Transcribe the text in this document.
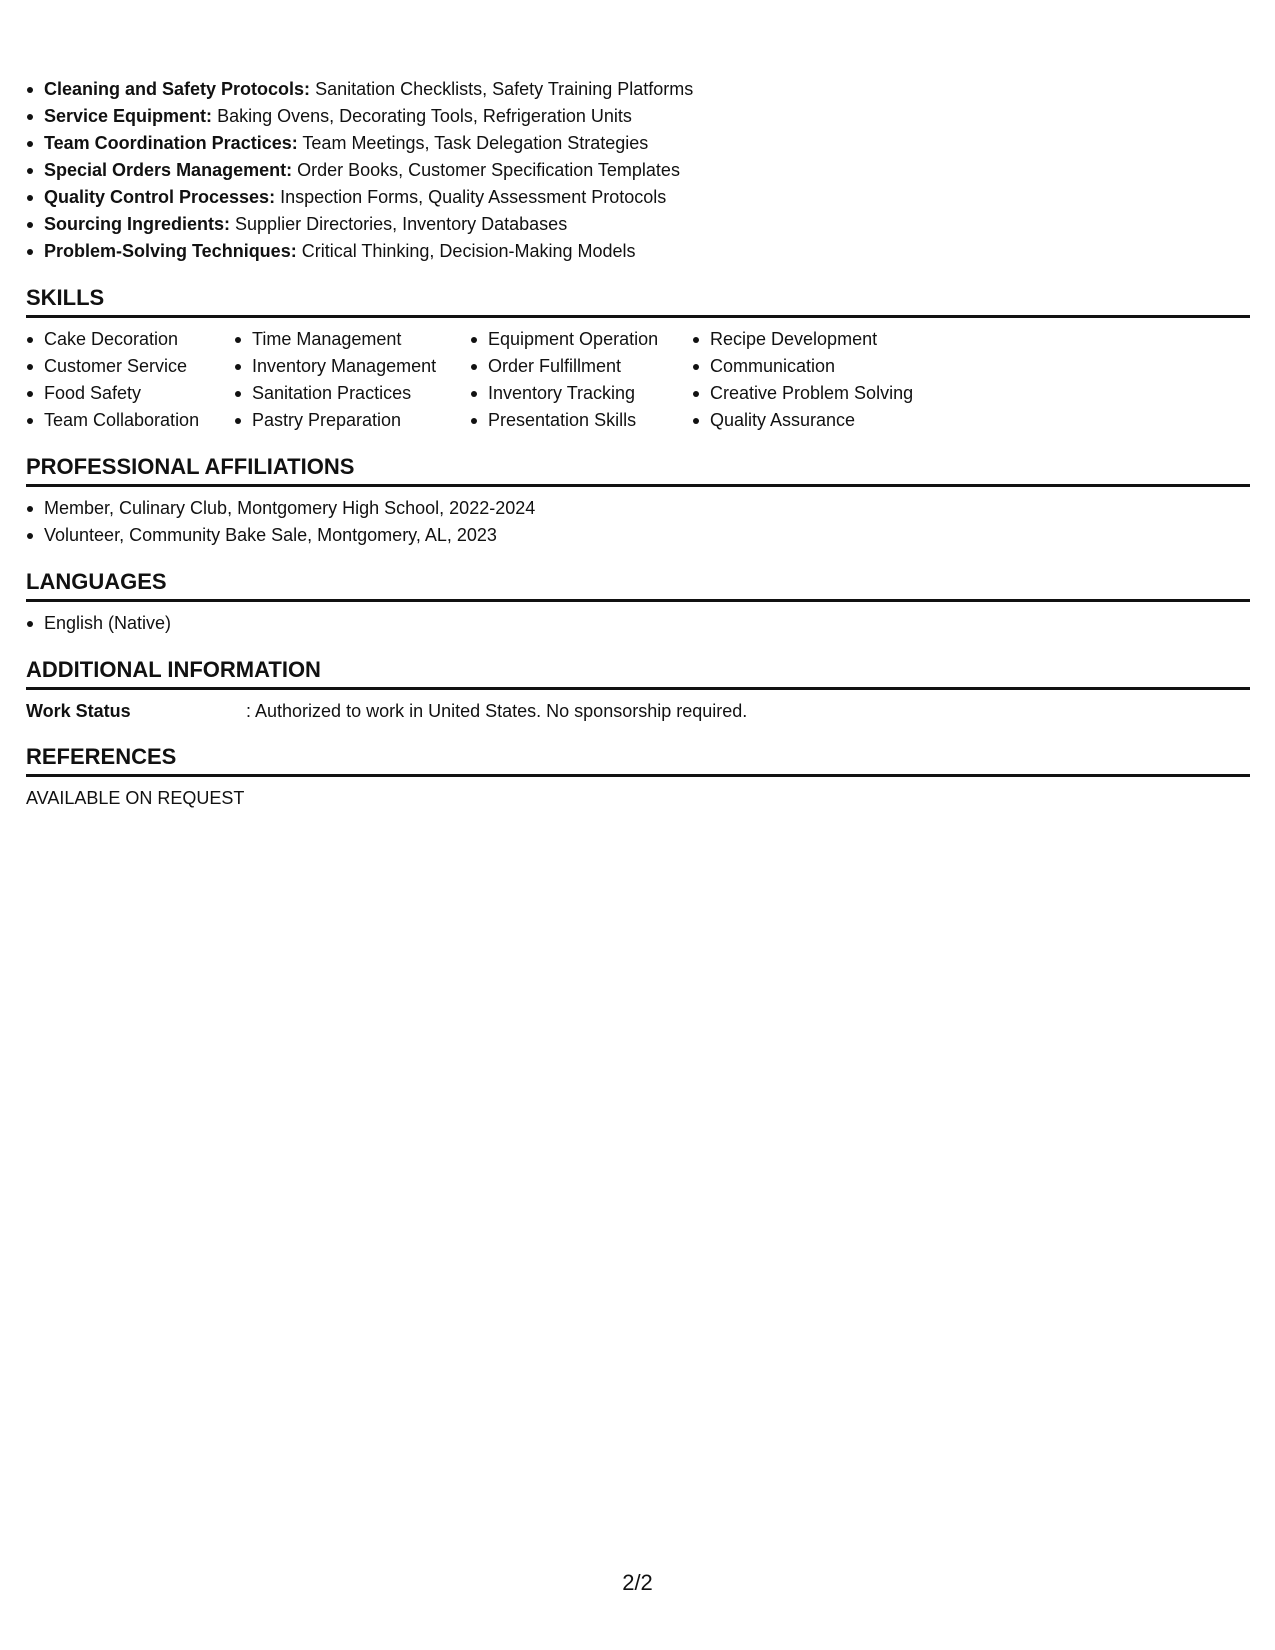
Cleaning and Safety Protocols: Sanitation Checklists, Safety Training Platforms
Service Equipment: Baking Ovens, Decorating Tools, Refrigeration Units
Team Coordination Practices: Team Meetings, Task Delegation Strategies
Special Orders Management: Order Books, Customer Specification Templates
Quality Control Processes: Inspection Forms, Quality Assessment Protocols
Sourcing Ingredients: Supplier Directories, Inventory Databases
Problem-Solving Techniques: Critical Thinking, Decision-Making Models
SKILLS
Cake Decoration
Customer Service
Food Safety
Team Collaboration
Time Management
Inventory Management
Sanitation Practices
Pastry Preparation
Equipment Operation
Order Fulfillment
Inventory Tracking
Presentation Skills
Recipe Development
Communication
Creative Problem Solving
Quality Assurance
PROFESSIONAL AFFILIATIONS
Member, Culinary Club, Montgomery High School, 2022-2024
Volunteer, Community Bake Sale, Montgomery, AL, 2023
LANGUAGES
English (Native)
ADDITIONAL INFORMATION
Work Status	: Authorized to work in United States. No sponsorship required.
REFERENCES
AVAILABLE ON REQUEST
2/2
